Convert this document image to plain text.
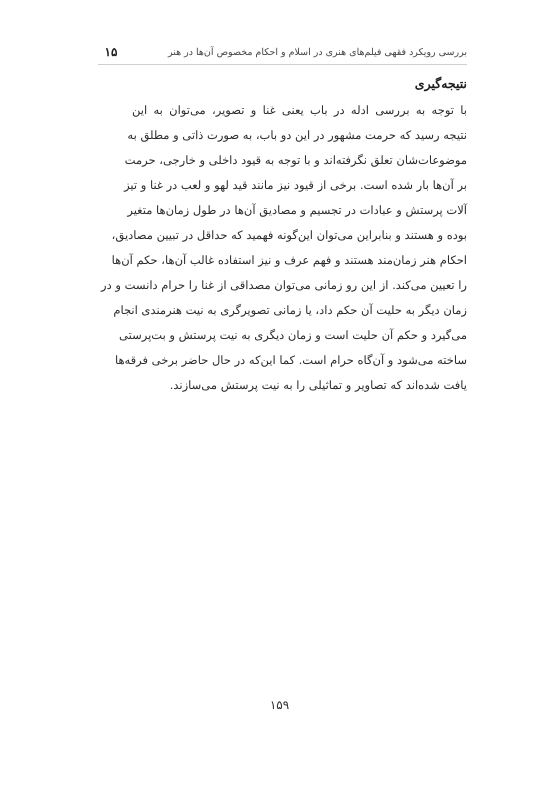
بررسی رویکرد فقهی فیلم‌های هنری در اسلام و احکام مخصوص آن‌ها در هنر
۱۵
نتیجه‌گیری
با توجه به بررسی ادله در باب یعنی غنا و تصویر، می‌توان به این
نتیجه رسید که حرمت مشهور در این دو باب، به صورت ذاتی و مطلق به
موضوعات‌شان تعلق نگرفته‌اند و با توجه به قیود داخلی و خارجی، حرمت
بر آن‌ها بار شده است. برخی از قیود نیز مانند قید لهو و لعب در غنا و تیز
آلات پرستش و عبادات در تجسیم و مصادیق آن‌ها در طول زمان‌ها متغیر
بوده و هستند و بنابراین می‌توان این‌گونه فهمید که حداقل در تبیین مصادیق،
احکام هنر زمان‌مند هستند و فهم عرف و نیز استفاده غالب آن‌ها، حکم آن‌ها
را تعیین می‌کند. از این رو زمانی می‌توان مصداقی از غنا را حرام دانست و در
زمان دیگر به حلیت آن حکم داد، یا زمانی تصویرگری به نیت هنرمندی انجام
می‌گیرد و حکم آن حلیت است و زمان دیگری به نیت پرستش و بت‌پرستی
ساخته می‌شود و آن‌گاه حرام است. کما این‌که در حال حاضر برخی فرقه‌ها
یافت شده‌اند که تصاویر و تماثیلی را به نیت پرستش می‌سازند.
۱۵۹
